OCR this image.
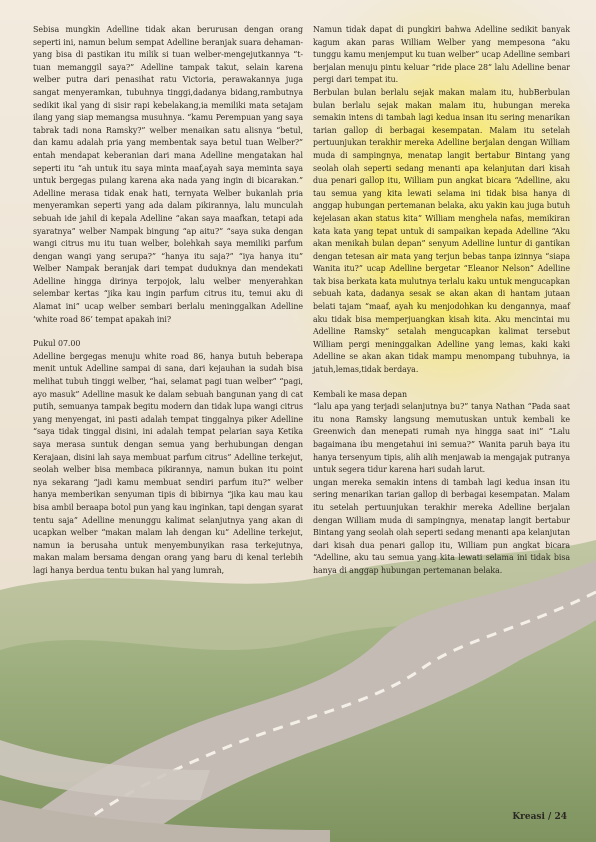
Sebisa mungkin Adelline tidak akan berurusan dengan orang seperti ini, namun belum sempat Adelline beranjak suara dehaman-yang bisa di pastikan itu milik si tuan welber-mengejutkannya “t-tuan memanggil saya?” Adelline tampak takut, selain karena welber putra dari penasihat ratu Victoria, perawakannya juga sangat menyeramkan, tubuhnya tinggi,dadanya bidang,rambutnya sedikit ikal yang di sisir rapi kebelakang,ia memiliki mata setajam ilang yang siap memangsa musuhnya. “kamu Perempuan yang saya tabrak tadi nona Ramsky?” welber menaikan satu alisnya “betul, dan kamu adalah pria yang membentak saya betul tuan Welber?” entah mendapat keberanian dari mana Adelline mengatakan hal seperti itu “ah untuk itu saya minta maaf,ayah saya meminta saya untuk bergegas pulang karena aka nada yang ingin di bicarakan.” Adelline merasa tidak enak hati, ternyata Welber bukanlah pria menyeramkan seperti yang ada dalam pikirannya, lalu munculah sebuah ide jahil di kepala Adelline “akan saya maafkan, tetapi ada syaratnya” welber Nampak bingung “ap aitu?” “saya suka dengan wangi citrus mu itu tuan welber, bolehkah saya memiliki parfum dengan wangi yang serupa?” “hanya itu saja?” “iya hanya itu” Welber Nampak beranjak dari tempat duduknya dan mendekati Adelline hingga dirinya terpojok, lalu welber menyerahkan selembar kertas “jika kau ingin parfum citrus itu, temui aku di Alamat ini” ucap welber sembari berlalu meninggalkan Adelline ‘white road 86’ tempat apakah ini?

Pukul 07.00

Adelline bergegas menuju white road 86, hanya butuh beberapa menit untuk Adelline sampai di sana, dari kejauhan ia sudah bisa melihat tubuh tinggi welber, “hai, selamat pagi tuan welber” “pagi, ayo masuk” Adelline masuk ke dalam sebuah bangunan yang di cat putih, semuanya tampak begitu modern dan tidak lupa wangi citrus yang menyengat, ini pasti adalah tempat tinggalnya piker Adelline “saya tidak tinggal disini, ini adalah tempat pelarian saya Ketika saya merasa suntuk dengan semua yang berhubungan dengan Kerajaan, disini lah saya membuat parfum citrus” Adelline terkejut, seolah welber bisa membaca pikirannya, namun bukan itu point nya sekarang “jadi kamu membuat sendiri parfum itu?” welber hanya memberikan senyuman tipis di bibirnya “jika kau mau kau bisa ambil beraapa botol pun yang kau inginkan, tapi dengan syarat tentu saja” Adelline menunggu kalimat selanjutnya yang akan di ucapkan welber “makan malam lah dengan ku” Adelline terkejut, namun ia berusaha untuk menyembunyikan rasa terkejutnya, makan malam bersama dengan orang yang baru di kenal terlebih lagi hanya berdua tentu bukan hal yang lumrah,

Namun tidak dapat di pungkiri bahwa Adelline sedikit banyak kagum akan paras William Welber yang mempesona “aku tunggu kamu menjemput ku tuan welber” ucap Adelline sembari berjalan menuju pintu keluar “ride place 28” lalu Adelline benar pergi dari tempat itu.

Berbulan bulan berlalu sejak makan malam itu, hubBerbulan bulan berlalu sejak makan malam itu, hubungan mereka semakin intens di tambah lagi kedua insan itu sering menarikan tarian gallop di berbagai kesempatan. Malam itu setelah pertuunjukan terakhir mereka Adelline berjalan dengan William muda di sampingnya, menatap langit bertabur Bintang yang seolah olah seperti sedang menanti apa kelanjutan dari kisah dua penari gallop itu, William pun angkat bicara “Adelline, aku tau semua yang kita lewati selama ini tidak bisa hanya di anggap hubungan pertemanan belaka, aku yakin kau juga butuh kejelasan akan status kita” William menghela nafas, memikiran kata kata yang tepat untuk di sampaikan kepada Adelline “Aku akan menikah bulan depan” senyum Adelline luntur di gantikan dengan tetesan air mata yang terjun bebas tanpa izinnya “siapa Wanita itu?” ucap Adelline bergetar “Eleanor Nelson” Adelline tak bisa berkata kata mulutnya terlalu kaku untuk mengucapkan sebuah kata, dadanya sesak se akan akan di hantam jutaan belati tajam “maaf, ayah ku menjodohkan ku dengannya, maaf aku tidak bisa memperjuangkan kisah kita. Aku mencintai mu Adelline Ramsky” setalah mengucapkan kalimat tersebut William pergi meninggalkan Adelline yang lemas, kaki kaki Adelline se akan akan tidak mampu menompang tubuhnya, ia jatuh,lemas,tidak berdaya.

Kembali ke masa depan

“lalu apa yang terjadi selanjutnya bu?” tanya Nathan “Pada saat itu nona Ramsky langsung memutuskan untuk kembali ke Greenwich dan menepati rumah nya hingga saat ini” “Lalu bagaimana ibu mengetahui ini semua?” Wanita paruh baya itu hanya tersenyum tipis, alih alih menjawab ia mengajak putranya untuk segera tidur karena hari sudah larut.

ungan mereka semakin intens di tambah lagi kedua insan itu sering menarikan tarian gallop di berbagai kesempatan. Malam itu setelah pertuunjukan terakhir mereka Adelline berjalan dengan William muda di sampingnya, menatap langit bertabur Bintang yang seolah olah seperti sedang menanti apa kelanjutan dari kisah dua penari gallop itu, William pun angkat bicara “Adelline, aku tau semua yang kita lewati selama ini tidak bisa hanya di anggap hubungan pertemanan belaka.

Kreasi / 24
